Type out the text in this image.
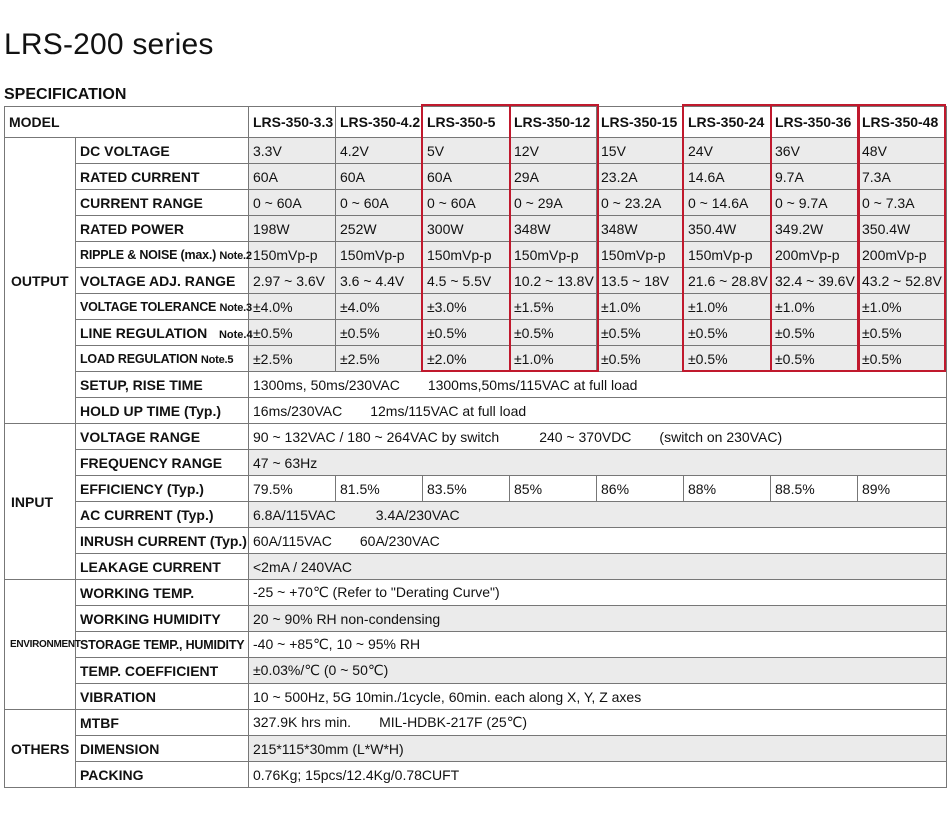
LRS-200 series
SPECIFICATION
MODEL		LRS-350-3.3	LRS-350-4.2	LRS-350-5	LRS-350-12	LRS-350-15	LRS-350-24	LRS-350-36	LRS-350-48
OUTPUT	DC VOLTAGE	3.3V	4.2V	5V	12V	15V	24V	36V	48V
	RATED CURRENT	60A	60A	60A	29A	23.2A	14.6A	9.7A	7.3A
	CURRENT RANGE	0 ~ 60A	0 ~ 60A	0 ~ 60A	0 ~ 29A	0 ~ 23.2A	0 ~ 14.6A	0 ~ 9.7A	0 ~ 7.3A
	RATED POWER	198W	252W	300W	348W	348W	350.4W	349.2W	350.4W
	RIPPLE & NOISE (max.) Note.2	150mVp-p	150mVp-p	150mVp-p	150mVp-p	150mVp-p	150mVp-p	200mVp-p	200mVp-p
	VOLTAGE ADJ. RANGE	2.97 ~ 3.6V	3.6 ~ 4.4V	4.5 ~ 5.5V	10.2 ~ 13.8V	13.5 ~ 18V	21.6 ~ 28.8V	32.4 ~ 39.6V	43.2 ~ 52.8V
	VOLTAGE TOLERANCE Note.3	±4.0%	±4.0%	±3.0%	±1.5%	±1.0%	±1.0%	±1.0%	±1.0%
	LINE REGULATION Note.4	±0.5%	±0.5%	±0.5%	±0.5%	±0.5%	±0.5%	±0.5%	±0.5%
	LOAD REGULATION Note.5	±2.5%	±2.5%	±2.0%	±1.0%	±0.5%	±0.5%	±0.5%	±0.5%
	SETUP, RISE TIME	1300ms, 50ms/230VAC 1300ms,50ms/115VAC at full load							
	HOLD UP TIME (Typ.)	16ms/230VAC 12ms/115VAC at full load							
INPUT	VOLTAGE RANGE	90 ~ 132VAC / 180 ~ 264VAC by switch 240 ~ 370VDC (switch on 230VAC)							
	FREQUENCY RANGE	47 ~ 63Hz							
	EFFICIENCY (Typ.)	79.5%	81.5%	83.5%	85%	86%	88%	88.5%	89%
	AC CURRENT (Typ.)	6.8A/115VAC 3.4A/230VAC							
	INRUSH CURRENT (Typ.)	60A/115VAC 60A/230VAC							
	LEAKAGE CURRENT	<2mA / 240VAC							
ENVIRONMENT	WORKING TEMP.	-25 ~ +70℃ (Refer to "Derating Curve")							
	WORKING HUMIDITY	20 ~ 90% RH non-condensing							
	STORAGE TEMP., HUMIDITY	-40 ~ +85℃, 10 ~ 95% RH							
	TEMP. COEFFICIENT	±0.03%/℃ (0 ~ 50℃)							
	VIBRATION	10 ~ 500Hz, 5G 10min./1cycle, 60min. each along X, Y, Z axes							
OTHERS	MTBF	327.9K hrs min. MIL-HDBK-217F (25℃)							
	DIMENSION	215*115*30mm (L*W*H)							
	PACKING	0.76Kg; 15pcs/12.4Kg/0.78CUFT							
